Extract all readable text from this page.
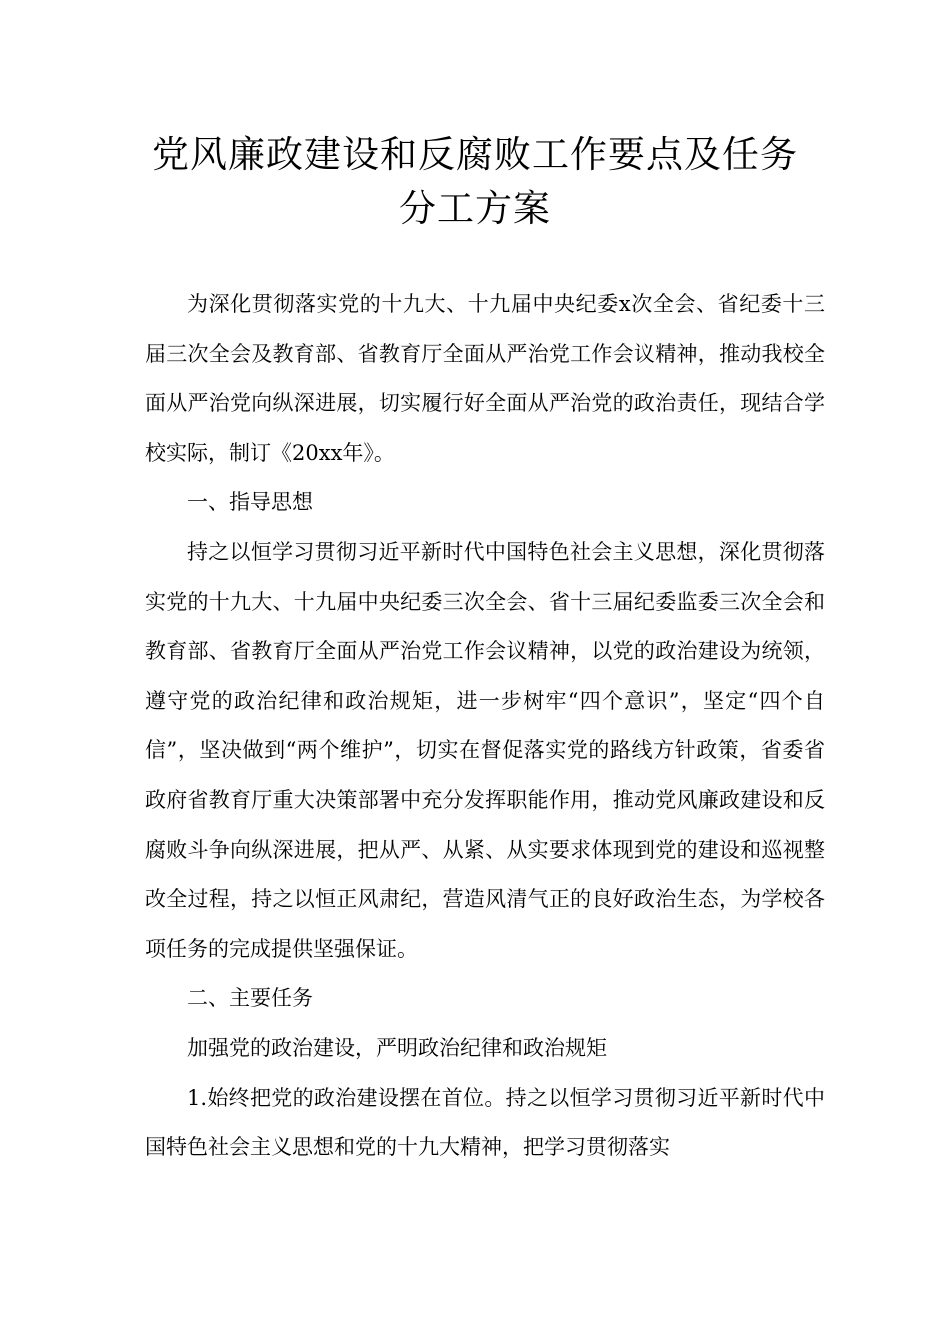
党风廉政建设和反腐败工作要点及任务
分工方案

为深化贯彻落实党的十九大、十九届中央纪委x次全会、省纪委十三届三次全会及教育部、省教育厅全面从严治党工作会议精神，推动我校全面从严治党向纵深进展，切实履行好全面从严治党的政治责任，现结合学校实际，制订《20xx年》。

一、指导思想

持之以恒学习贯彻习近平新时代中国特色社会主义思想，深化贯彻落实党的十九大、十九届中央纪委三次全会、省十三届纪委监委三次全会和教育部、省教育厅全面从严治党工作会议精神，以党的政治建设为统领，遵守党的政治纪律和政治规矩，进一步树牢“四个意识”，坚定“四个自信”，坚决做到“两个维护”，切实在督促落实党的路线方针政策，省委省政府省教育厅重大决策部署中充分发挥职能作用，推动党风廉政建设和反腐败斗争向纵深进展，把从严、从紧、从实要求体现到党的建设和巡视整改全过程，持之以恒正风肃纪，营造风清气正的良好政治生态，为学校各项任务的完成提供坚强保证。

二、主要任务

加强党的政治建设，严明政治纪律和政治规矩

1.始终把党的政治建设摆在首位。持之以恒学习贯彻习近平新时代中国特色社会主义思想和党的十九大精神，把学习贯彻落实
